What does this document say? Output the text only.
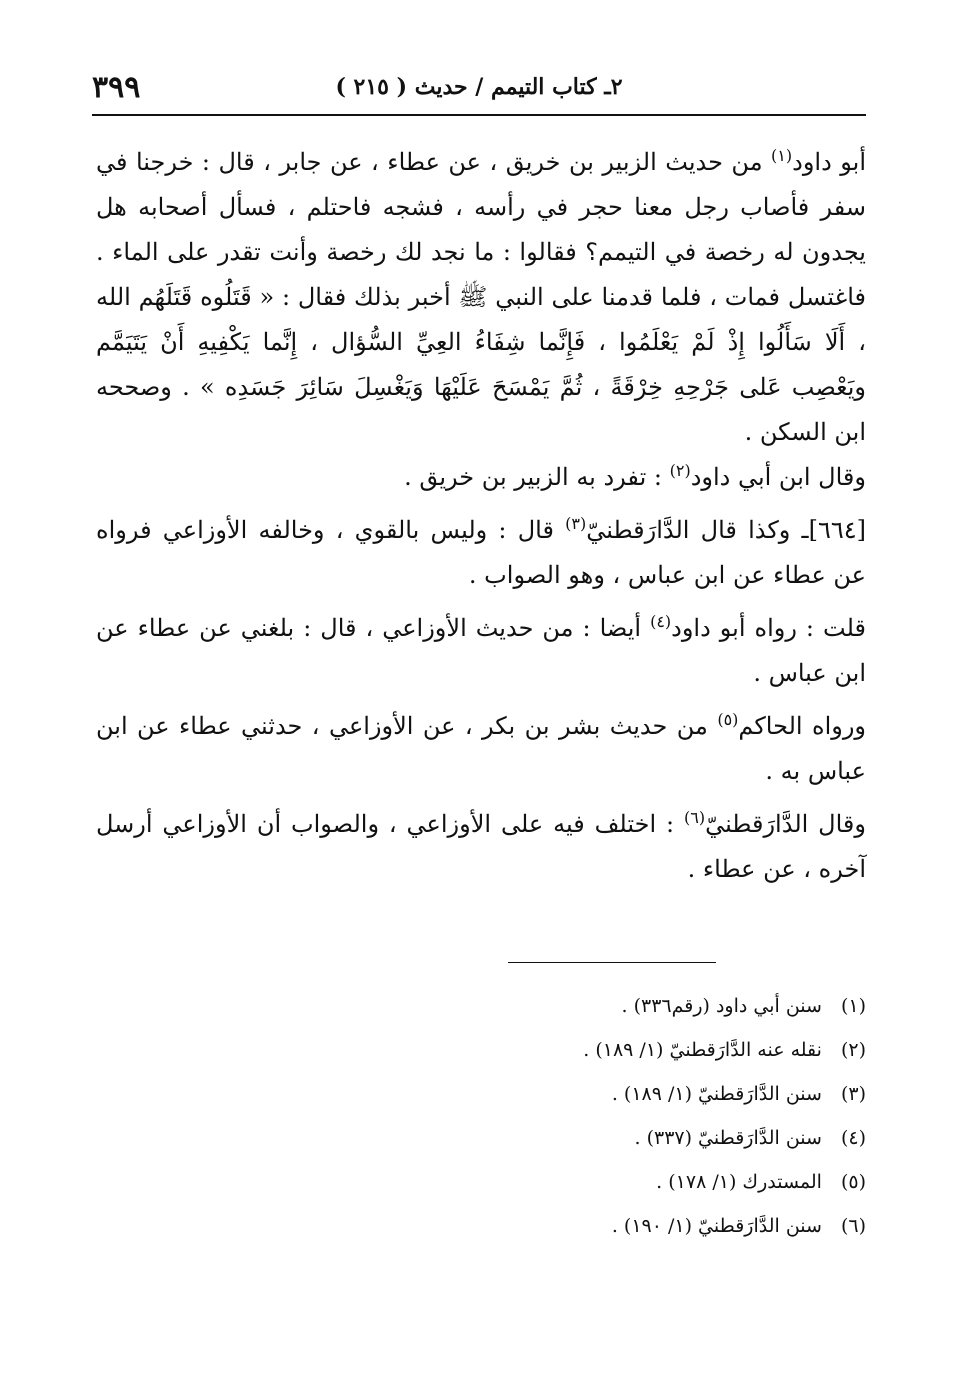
٣٩٩	٢ـ كتاب التيمم / حديث ( ٢١٥ )

أبو داود$^{(١)}$ من حديث الزبير بن خريق ، عن عطاء ، عن جابر ، قال : خرجنا في سفر فأصاب رجل معنا حجر في رأسه ، فشجه فاحتلم ، فسأل أصحابه هل يجدون له رخصة في التيمم؟ فقالوا : ما نجد لك رخصة وأنت تقدر على الماء . فاغتسل فمات ، فلما قدمنا على النبي ﷺ أخبر بذلك فقال : « قَتَلُوه قَتَلَهُم الله ، أَلَا سَأَلُوا إِذْ لَمْ يَعْلَمُوا ، فَإِنَّما شِفَاءُ العِيِّ السُّؤال ، إِنَّما يَكْفِيهِ أَنْ يَتَيَمَّم ويَعْصِب عَلى جَرْحِهِ خِرْقَةً ، ثُمَّ يَمْسَحَ عَلَيْهَا وَيَغْسِلَ سَائِرَ جَسَدِه » . وصححه ابن السكن .

وقال ابن أبي داود$^{(٢)}$ : تفرد به الزبير بن خريق .

[٦٦٤]ـ وكذا قال الدَّارَقطنيّ$^{(٣)}$ قال : وليس بالقوي ، وخالفه الأوزاعي فرواه عن عطاء عن ابن عباس ، وهو الصواب .

قلت : رواه أبو داود$^{(٤)}$ أيضا : من حديث الأوزاعي ، قال : بلغني عن عطاء عن ابن عباس .

ورواه الحاكم$^{(٥)}$ من حديث بشر بن بكر ، عن الأوزاعي ، حدثني عطاء عن ابن عباس به .

وقال الدَّارَقطنيّ$^{(٦)}$ : اختلف فيه على الأوزاعي ، والصواب أن الأوزاعي أرسل آخره ، عن عطاء .

(١) سنن أبي داود (رقم٣٣٦) .
(٢) نقله عنه الدَّارَقطنيّ (١/ ١٨٩) .
(٣) سنن الدَّارَقطنيّ (١/ ١٨٩) .
(٤) سنن الدَّارَقطنيّ (٣٣٧) .
(٥) المستدرك (١/ ١٧٨) .
(٦) سنن الدَّارَقطنيّ (١/ ١٩٠) .
